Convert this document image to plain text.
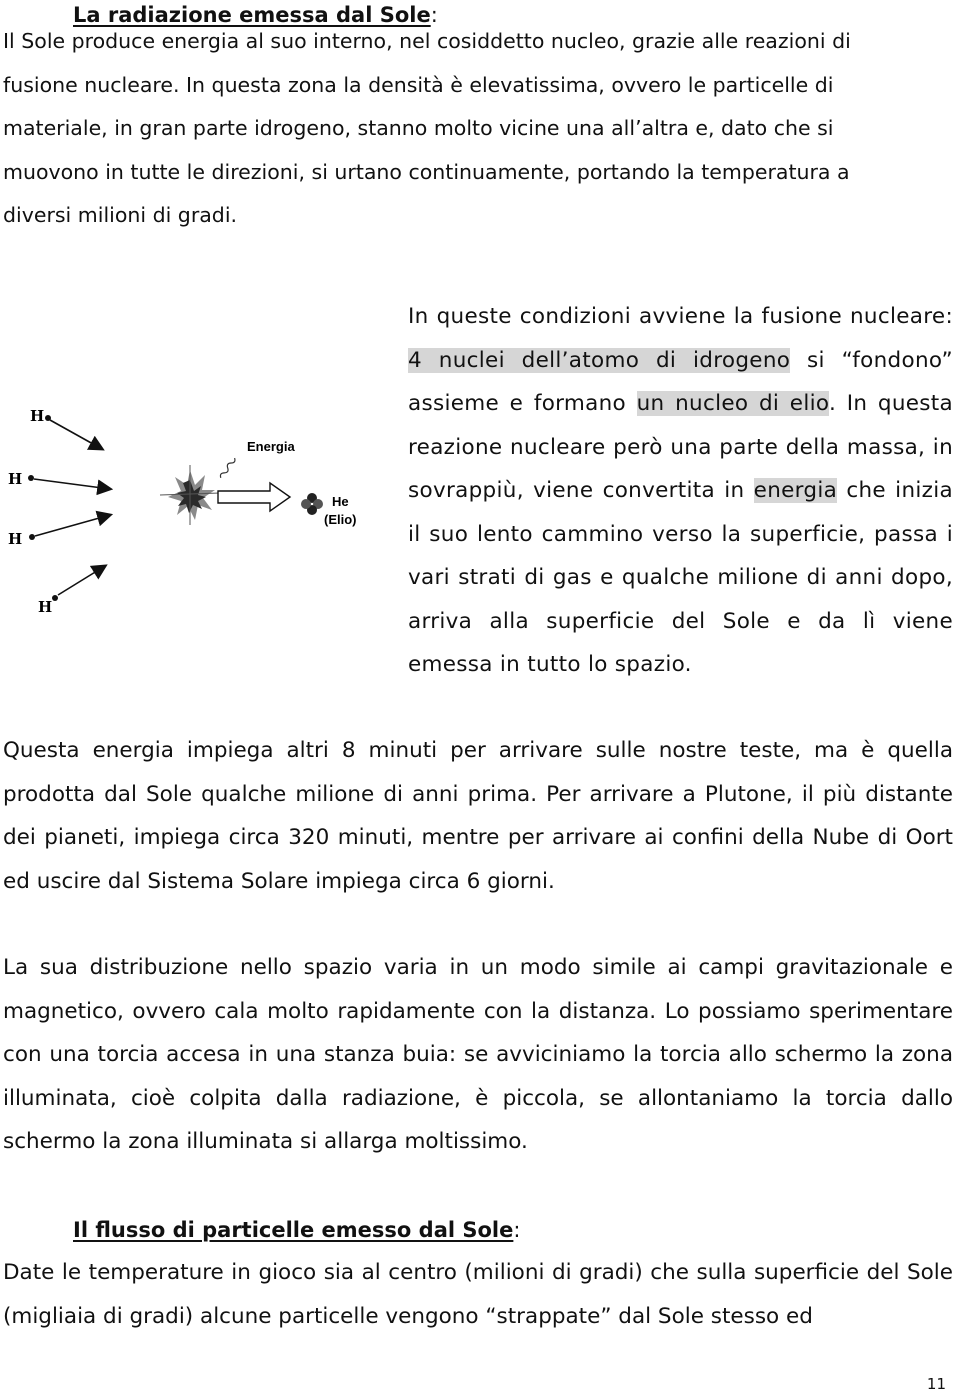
La radiazione emessa dal Sole:
Il Sole produce energia al suo interno, nel cosiddetto nucleo, grazie alle reazioni di
fusione nucleare. In questa zona la densità è elevatissima, ovvero le particelle di
materiale, in gran parte idrogeno, stanno molto vicine una all’altra e, dato che si
muovono in tutte le direzioni, si urtano continuamente, portando la temperatura a
diversi milioni di gradi.
H
H
H
H
Energia
He
(Elio)
In queste condizioni avviene la fusione nucleare: 4 nuclei dell’atomo di idrogeno si “fondono” assieme e formano un nucleo di elio. In questa reazione nucleare però una parte della massa, in sovrappiù, viene convertita in energia che inizia il suo lento cammino verso la superficie, passa i vari strati di gas e qualche milione di anni dopo, arriva alla superficie del Sole e da lì viene emessa in tutto lo spazio.
Questa energia impiega altri 8 minuti per arrivare sulle nostre teste, ma è quella prodotta dal Sole qualche milione di anni prima. Per arrivare a Plutone, il più distante dei pianeti, impiega circa 320 minuti, mentre per arrivare ai confini della Nube di Oort ed uscire dal Sistema Solare impiega circa 6 giorni.
La sua distribuzione nello spazio varia in un modo simile ai campi gravitazionale e magnetico, ovvero cala molto rapidamente con la distanza. Lo possiamo sperimentare con una torcia accesa in una stanza buia: se avviciniamo la torcia allo schermo la zona illuminata, cioè colpita dalla radiazione, è piccola, se allontaniamo la torcia dallo schermo la zona illuminata si allarga moltissimo.
Il flusso di particelle emesso dal Sole:
Date le temperature in gioco sia al centro (milioni di gradi) che sulla superficie del Sole (migliaia di gradi) alcune particelle vengono “strappate” dal Sole stesso ed
11
